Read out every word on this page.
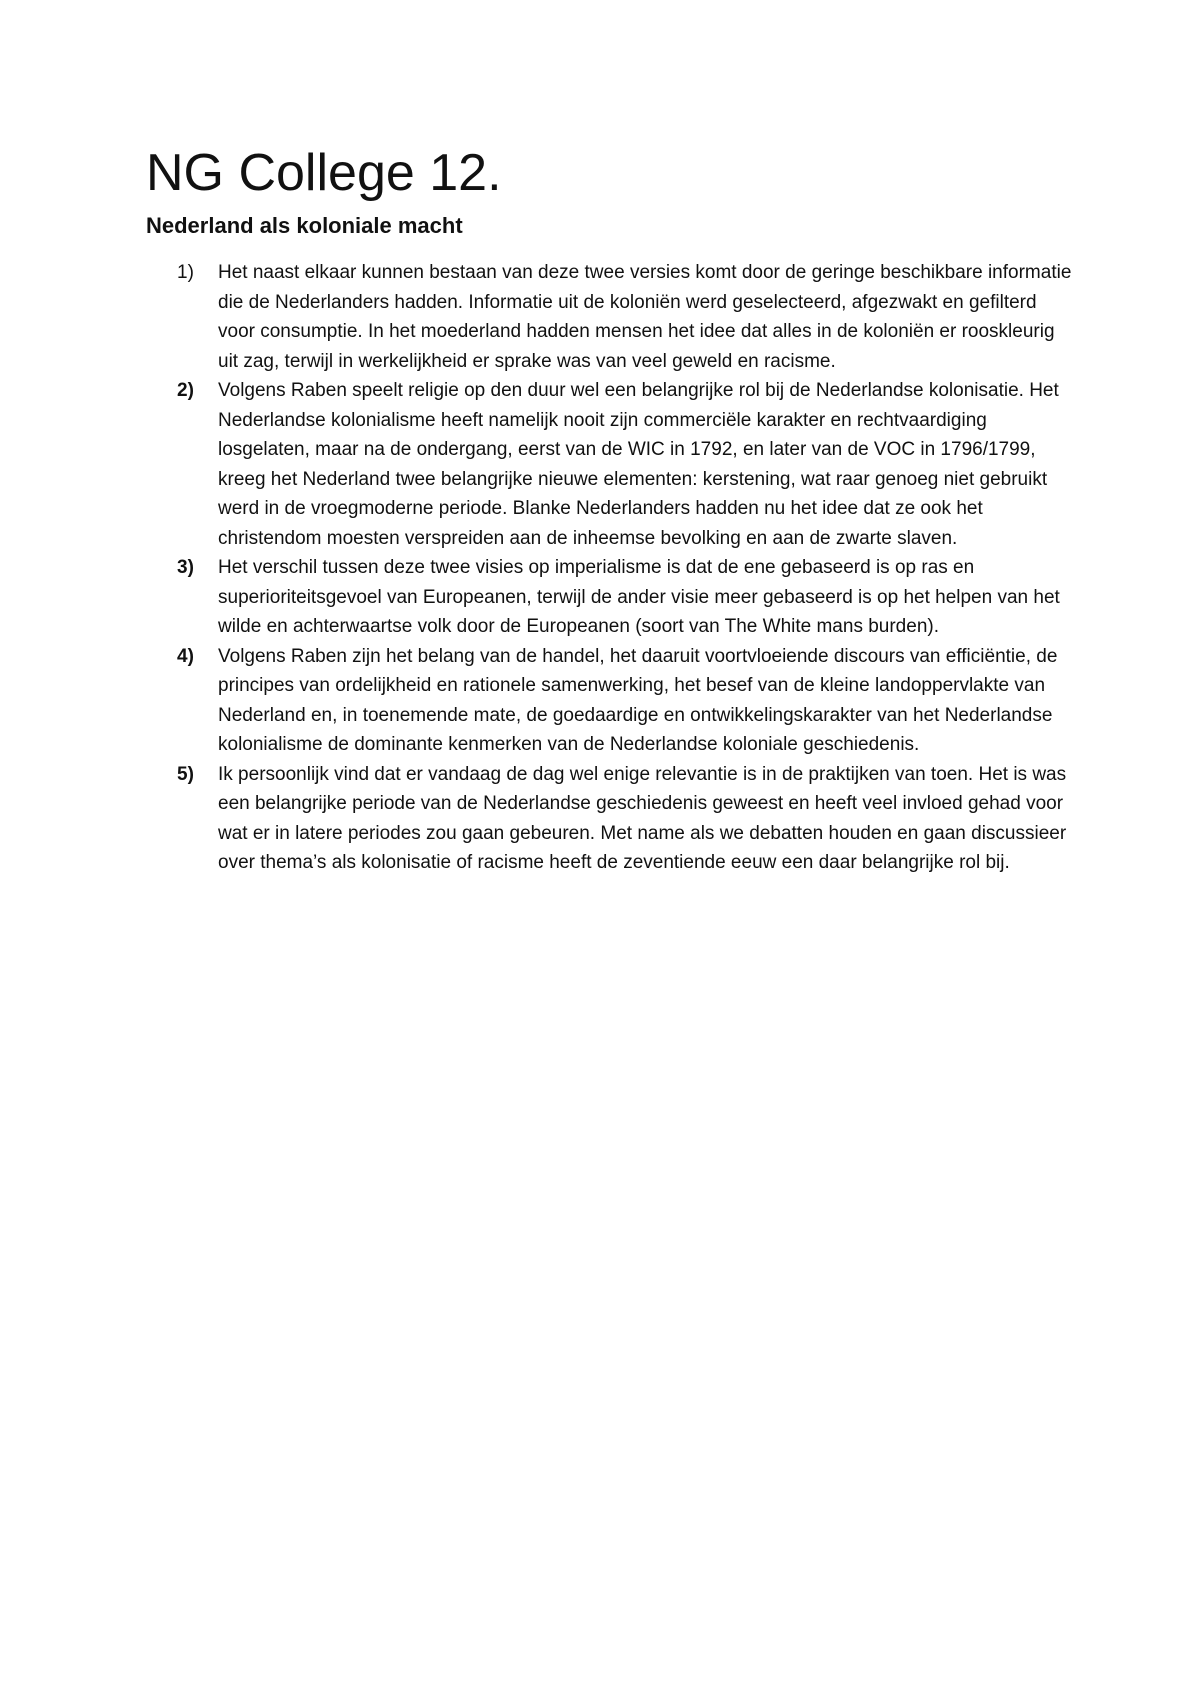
NG College 12.
Nederland als koloniale macht
1)	Het naast elkaar kunnen bestaan van deze twee versies komt door de geringe beschikbare informatie die de Nederlanders hadden. Informatie uit de koloniën werd geselecteerd, afgezwakt en gefilterd voor consumptie. In het moederland hadden mensen het idee dat alles in de koloniën er rooskleurig uit zag, terwijl in werkelijkheid er sprake was van veel geweld en racisme.
2)	Volgens Raben speelt religie op den duur wel een belangrijke rol bij de Nederlandse kolonisatie. Het Nederlandse kolonialisme heeft namelijk nooit zijn commerciële karakter en rechtvaardiging losgelaten, maar na de ondergang, eerst van de WIC in 1792, en later van de VOC in 1796/1799, kreeg het Nederland twee belangrijke nieuwe elementen: kerstening, wat raar genoeg niet gebruikt werd in de vroegmoderne periode. Blanke Nederlanders hadden nu het idee dat ze ook het christendom moesten verspreiden aan de inheemse bevolking en aan de zwarte slaven.
3)	Het verschil tussen deze twee visies op imperialisme is dat de ene gebaseerd is op ras en superioriteitsgevoel van Europeanen, terwijl de ander visie meer gebaseerd is op het helpen van het wilde en achterwaartse volk door de Europeanen (soort van The White mans burden).
4)	Volgens Raben zijn het belang van de handel, het daaruit voortvloeiende discours van efficiëntie, de principes van ordelijkheid en rationele samenwerking, het besef van de kleine landoppervlakte van Nederland en, in toenemende mate, de goedaardige en ontwikkelingskarakter van het Nederlandse kolonialisme de dominante kenmerken van de Nederlandse koloniale geschiedenis.
5)	Ik persoonlijk vind dat er vandaag de dag wel enige relevantie is in de praktijken van toen. Het is was een belangrijke periode van de Nederlandse geschiedenis geweest en heeft veel invloed gehad voor wat er in latere periodes zou gaan gebeuren. Met name als we debatten houden en gaan discussieer over thema’s als kolonisatie of racisme heeft de zeventiende eeuw een daar belangrijke rol bij.
